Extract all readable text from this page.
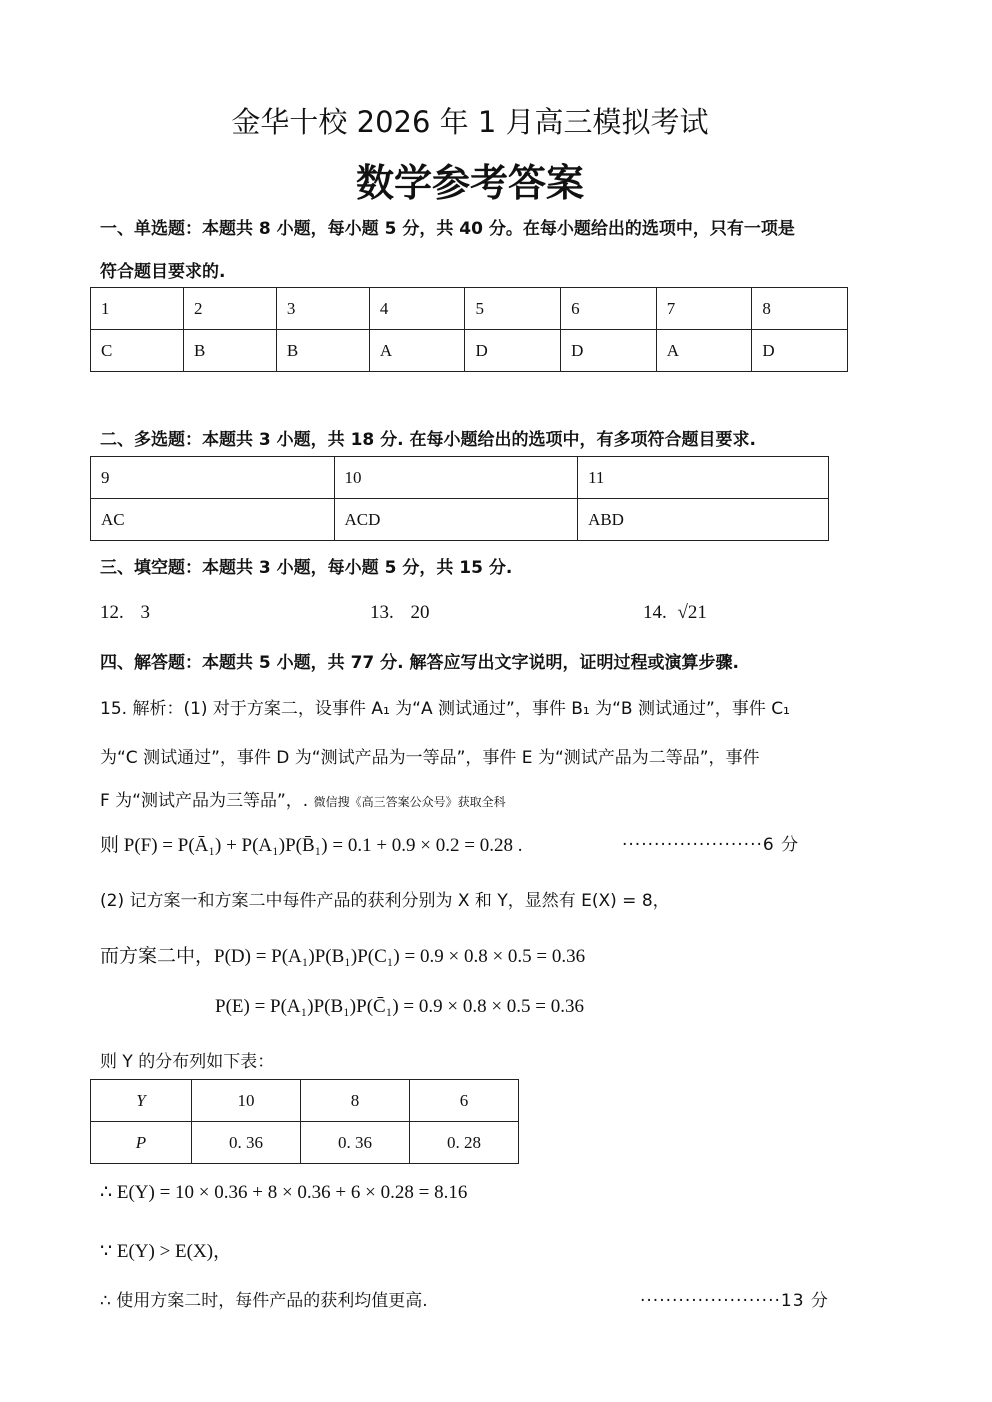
金华十校 2026 年 1 月高三模拟考试
数学参考答案
一、单选题：本题共 8 小题，每小题 5 分，共 40 分。在每小题给出的选项中，只有一项是
符合题目要求的.
1	2	3	4	5	6	7	8
C	B	B	A	D	D	A	D
二、多选题：本题共 3 小题，共 18 分. 在每小题给出的选项中，有多项符合题目要求.
9	10	11
AC	ACD	ABD
三、填空题：本题共 3 小题，每小题 5 分，共 15 分.
12. 3	13. 20	14. √21
四、解答题：本题共 5 小题，共 77 分. 解答应写出文字说明，证明过程或演算步骤.
15. 解析：(1) 对于方案二，设事件 A₁ 为“A 测试通过”，事件 B₁ 为“B 测试通过”，事件 C₁
为“C 测试通过”，事件 D 为“测试产品为一等品”，事件 E 为“测试产品为二等品”，事件
F 为“测试产品为三等品”，. 微信搜《高三答案公众号》获取全科
则 P(F) = P(Ā₁) + P(A₁)P(B̄₁) = 0.1 + 0.9 × 0.2 = 0.28 .	······················6 分
(2) 记方案一和方案二中每件产品的获利分别为 X 和 Y，显然有 E(X) = 8，
而方案二中，P(D) = P(A₁)P(B₁)P(C₁) = 0.9 × 0.8 × 0.5 = 0.36
P(E) = P(A₁)P(B₁)P(C̄₁) = 0.9 × 0.8 × 0.5 = 0.36
则 Y 的分布列如下表：
Y	10	8	6
P	0. 36	0. 36	0. 28
∴ E(Y) = 10 × 0.36 + 8 × 0.36 + 6 × 0.28 = 8.16
∵ E(Y) > E(X)，
∴ 使用方案二时，每件产品的获利均值更高.	······················13 分
